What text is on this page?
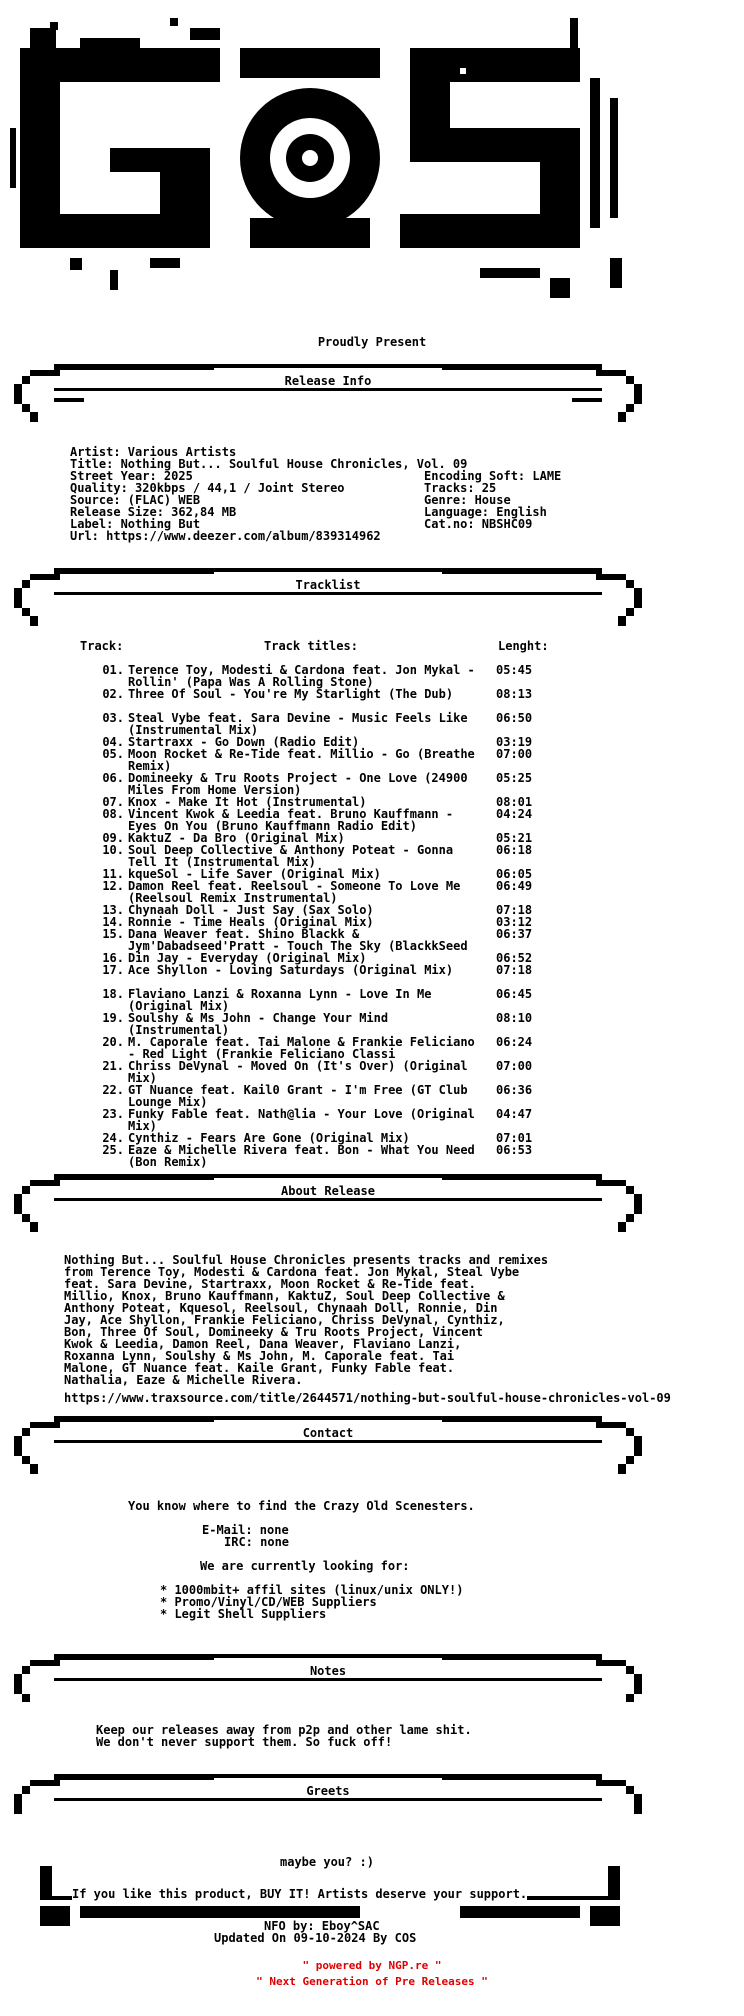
Proudly Present
Release Info
Artist: Various Artists
Title: Nothing But... Soulful House Chronicles, Vol. 09
Street Year: 2025
Quality: 320kbps / 44,1 / Joint Stereo
Source: (FLAC) WEB
Release Size: 362,84 MB
Label: Nothing But
Url: https://www.deezer.com/album/839314962
Encoding Soft: LAME
Tracks: 25
Genre: House
Language: English
Cat.no: NBSHC09
Tracklist
Track:	Track titles:	Lenght:
01. Terence Toy, Modesti & Cardona feat. Jon Mykal - Rollin' (Papa Was A Rolling Stone)
05:45
02. Three Of Soul - You're My Starlight (The Dub)	08:13
03. Steal Vybe feat. Sara Devine - Music Feels Like (Instrumental Mix)
06:50
04. Startraxx - Go Down (Radio Edit)	03:19
05. Moon Rocket & Re-Tide feat. Millio - Go (Breathe Remix)
07:00
06. Domineeky & Tru Roots Project - One Love (24900 Miles From Home Version)
05:25
07. Knox - Make It Hot (Instrumental)	08:01
08. Vincent Kwok & Leedia feat. Bruno Kauffmann - Eyes On You (Bruno Kauffmann Radio Edit)
04:24
09. KaktuZ - Da Bro (Original Mix)	05:21
10. Soul Deep Collective & Anthony Poteat - Gonna Tell It (Instrumental Mix)
06:18
11. kqueSol - Life Saver (Original Mix)	06:05
12. Damon Reel feat. Reelsoul - Someone To Love Me (Reelsoul Remix Instrumental)
06:49
13. Chynaah Doll - Just Say (Sax Solo)	07:18
14. Ronnie - Time Heals (Original Mix)	03:12
15. Dana Weaver feat. Shino Blackk & Jym'Dabadseed'Pratt - Touch The Sky (BlackkSeed
06:37
16. Din Jay - Everyday (Original Mix)	06:52
17. Ace Shyllon - Loving Saturdays (Original Mix)	07:18
18. Flaviano Lanzi & Roxanna Lynn - Love In Me (Original Mix)
06:45
19. Soulshy & Ms John - Change Your Mind (Instrumental)
08:10
20. M. Caporale feat. Tai Malone & Frankie Feliciano - Red Light (Frankie Feliciano Classi
06:24
21. Chriss DeVynal - Moved On (It's Over) (Original Mix)
07:00
22. GT Nuance feat. Kail0 Grant - I'm Free (GT Club Lounge Mix)
06:36
23. Funky Fable feat. Nath@lia - Your Love (Original Mix)
04:47
24. Cynthiz - Fears Are Gone (Original Mix)	07:01
25. Eaze & Michelle Rivera feat. Bon - What You Need (Bon Remix)
06:53
About Release
Nothing But... Soulful House Chronicles presents tracks and remixes
from Terence Toy, Modesti & Cardona feat. Jon Mykal, Steal Vybe
feat. Sara Devine, Startraxx, Moon Rocket & Re-Tide feat.
Millio, Knox, Bruno Kauffmann, KaktuZ, Soul Deep Collective &
Anthony Poteat, Kquesol, Reelsoul, Chynaah Doll, Ronnie, Din
Jay, Ace Shyllon, Frankie Feliciano, Chriss DeVynal, Cynthiz,
Bon, Three Of Soul, Domineeky & Tru Roots Project, Vincent
Kwok & Leedia, Damon Reel, Dana Weaver, Flaviano Lanzi,
Roxanna Lynn, Soulshy & Ms John, M. Caporale feat. Tai
Malone, GT Nuance feat. Kaile Grant, Funky Fable feat.
Nathalia, Eaze & Michelle Rivera.
https://www.traxsource.com/title/2644571/nothing-but-soulful-house-chronicles-vol-09
Contact
You know where to find the Crazy Old Scenesters.
E-Mail: none
IRC: none
We are currently looking for:
* 1000mbit+ affil sites (linux/unix ONLY!)
* Promo/Vinyl/CD/WEB Suppliers
* Legit Shell Suppliers
Notes
Keep our releases away from p2p and other lame shit.
We don't never support them. So fuck off!
Greets
maybe you? :)
If you like this product, BUY IT! Artists deserve your support.
NFO by: Eboy^SAC
Updated On 09-10-2024 By COS
" powered by NGP.re "
" Next Generation of Pre Releases "
